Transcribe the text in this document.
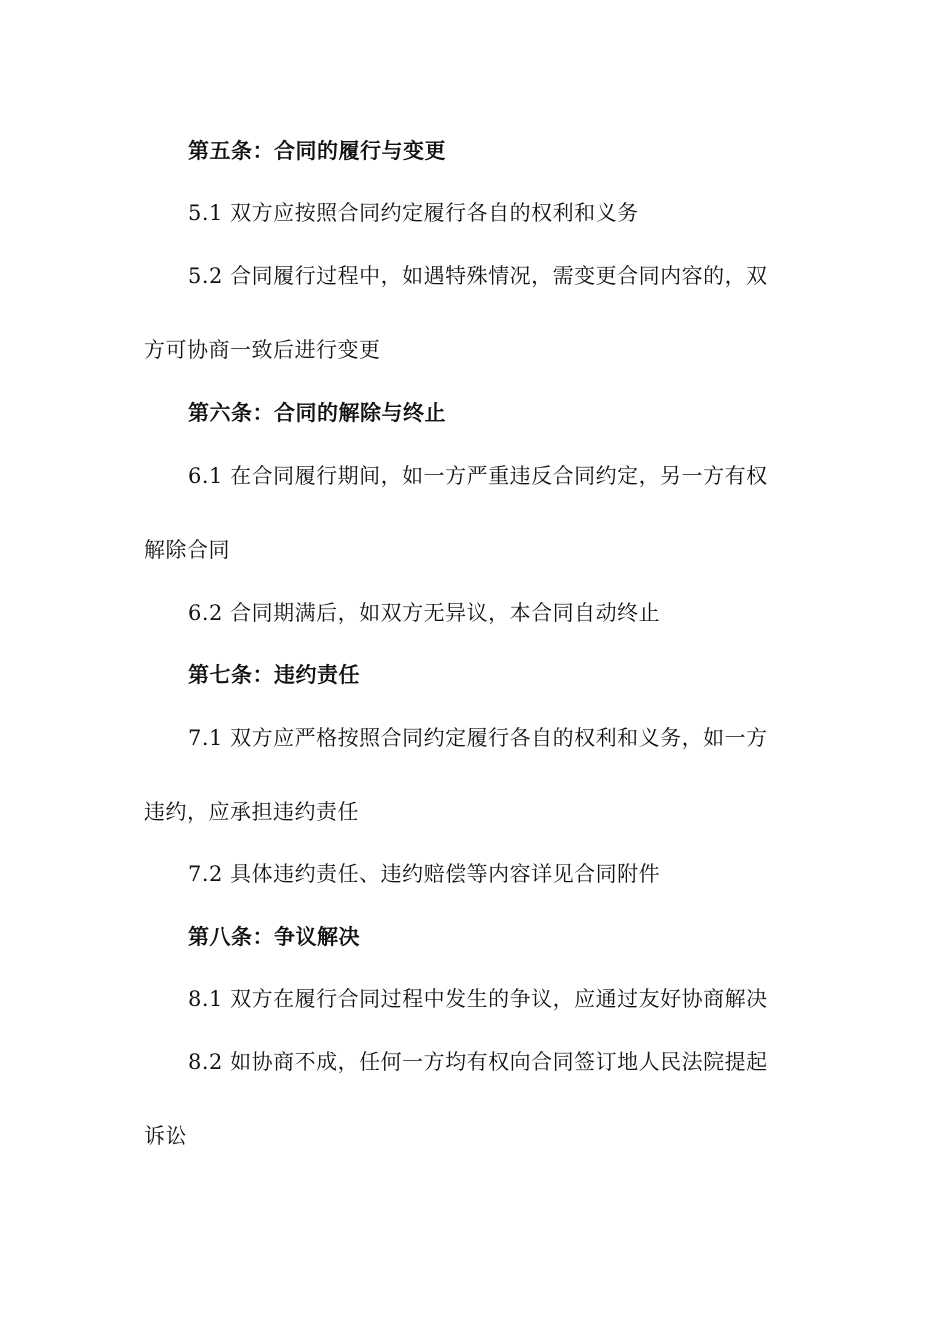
第五条：合同的履行与变更
5.1 双方应按照合同约定履行各自的权利和义务
5.2 合同履行过程中，如遇特殊情况，需变更合同内容的，双
方可协商一致后进行变更
第六条：合同的解除与终止
6.1 在合同履行期间，如一方严重违反合同约定，另一方有权
解除合同
6.2 合同期满后，如双方无异议，本合同自动终止
第七条：违约责任
7.1 双方应严格按照合同约定履行各自的权利和义务，如一方
违约，应承担违约责任
7.2 具体违约责任、违约赔偿等内容详见合同附件
第八条：争议解决
8.1 双方在履行合同过程中发生的争议，应通过友好协商解决
8.2 如协商不成，任何一方均有权向合同签订地人民法院提起
诉讼
